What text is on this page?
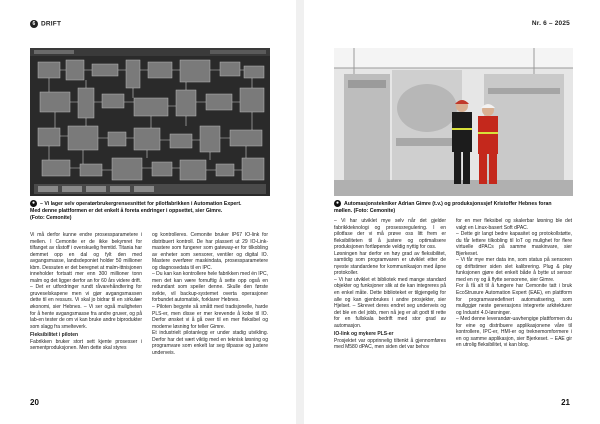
6 DRIFT
● – Vi lager selv operatørbrukergrensesnittet for pilotfabrikken i Automation Expert.
Med denne plattformen er det enkelt å foreta endringer i oppsettet, sier Gimre.
(Foto: Cemonite)
Vi må derfor kunne endre prosessparametere i mellen. I Cemonite er de ikke bekymret for tilfanget av råstoff i overskuelig fremtid. Titania har demmet opp en dal og fylt den med avgangsmasse, landsdeponiet holder 50 millioner kbm. Dessuten er det beregnet at malm-ittnisjonen inneholder fortsatt mer enn 300 millioner tonn malm og det ligger derfor an for 60 års videre drift.
– Det er utfordringer rundt råvarehåndtering for gruveselskapene men vi gjør avgangsmassen dette til en ressurs. Vi skal jo bidrar til en sirkulær økonomi, sier Hebnes. – Vi ser også muligheten for å hente avgangsmasse fra andre gruver, og på lab-en tester de om vi kan bruke andre biprodukter som slagg fra smelteverk.
Fleksibilitet i piloten
Fabrikken bruker stort sett kjente prosesser i sementproduksjonen. Men dette skal styres
og kontrolleres. Cemonite bruker IP67 IO-link for distribuert kontroll. De har plassert ut 29 IO-Link-mastere som fungerer som gateway-er for tilkobling av enheter som sensorer, ventiler og digital IO. Mastere overfører maskindata, prosessparametere og diagnosedata til en IPC.
– Du kan kan kontrollere hele fabrikken med én IPC, men det kan være fornuftig å sette opp også en redundant som speiler denne. Skulle den første svikte, vil backup-systemet overta operasjoner forbundet automatisk, forklarer Hebnes.
– Piloten begynte så smått med tradisjonelle, harde PLS-er, men disse er mer krevende å kobe til IO. Derfor ønsket vi å gå over til en mer fleksibel og moderne løsning for teller Gimre.
Et industrielt pilotanlegg er under stadig utvikling. Derfor har det vært viktig med en teknisk løsning og programvare som enkelt lar seg tilpasse og justere underveis.
20
Nr. 6 – 2025
● Automasjonstekniker Adrian Gimre (t.v.) og produksjonssjef Kristoffer Hebnes foran
møllen. (Foto: Cemonite)
– Vi har utviklet mye selv når det gjelder fabrikkteknologi og prosessregulering. I en pilotfase der vi må prøve oss litt frem er fleksibiliteten til å justere og optimalisere produksjonen fortløpende veldig nyttig for oss.
Løsningen har derfor en høy grad av fleksibilitet, samtidig som programvaren er utviklet etter de nyeste standardene for kommunikasjon med åpne protokoller.
– Vi har utviklet et bibliotek med mange standard objekter og funksjoner slik at de kan integreres på en enkel måte. Dette biblioteket er tilgjengelig for alle og kan gjenbrukes i andre prosjekter, sier Hjelset. – Skrevet deres endret seg underveis og det ble en del jobb, men nå jeg er alt godt til rette for en fullskala bedrift med stor grad av automasjon.
IO-link og mykere PLS-er
Prosjektet var opprinnelig tiltenkt å gjennomføres med M580 dPAC, men siden det var behov
for en mer fleksibel og skalerbar løsning ble det valgt en Linux-basert Soft dPAC.
– Dette gir langt bedre kapasitet og protokollstøtte, du får lettere tilkobling til IoT og mulighet for flere virtuelle dPACs på samme maskinvare, sier Bjerkeset.
– Vi får mye mer data inn, som status på sensoren og driftstimer siden slet kalibrering. Plug & play funksjonen gjøre det enkelt både å bytte ut sensor med en ny og å flytte sensorene, sier Gimre.
For å få alt til å fungere har Cemonite tatt i bruk EcoStruxure Automation Expert (EAE), en plattform for programvaredefinert automatisering, som muliggjør neste generasjons integrerte arkitekturer og Industri 4.0-løsninger.
– Med denne leverandør-uavhengige plattformen du for eine og distribuere applikasjonene våre til kontrollere, IPC-er, HMI-er og treknemomformere i en og samme applikasjon, sier Bjerkeset. – EAE gir en utrolig fleksibilitet, vi kan blog.
21
